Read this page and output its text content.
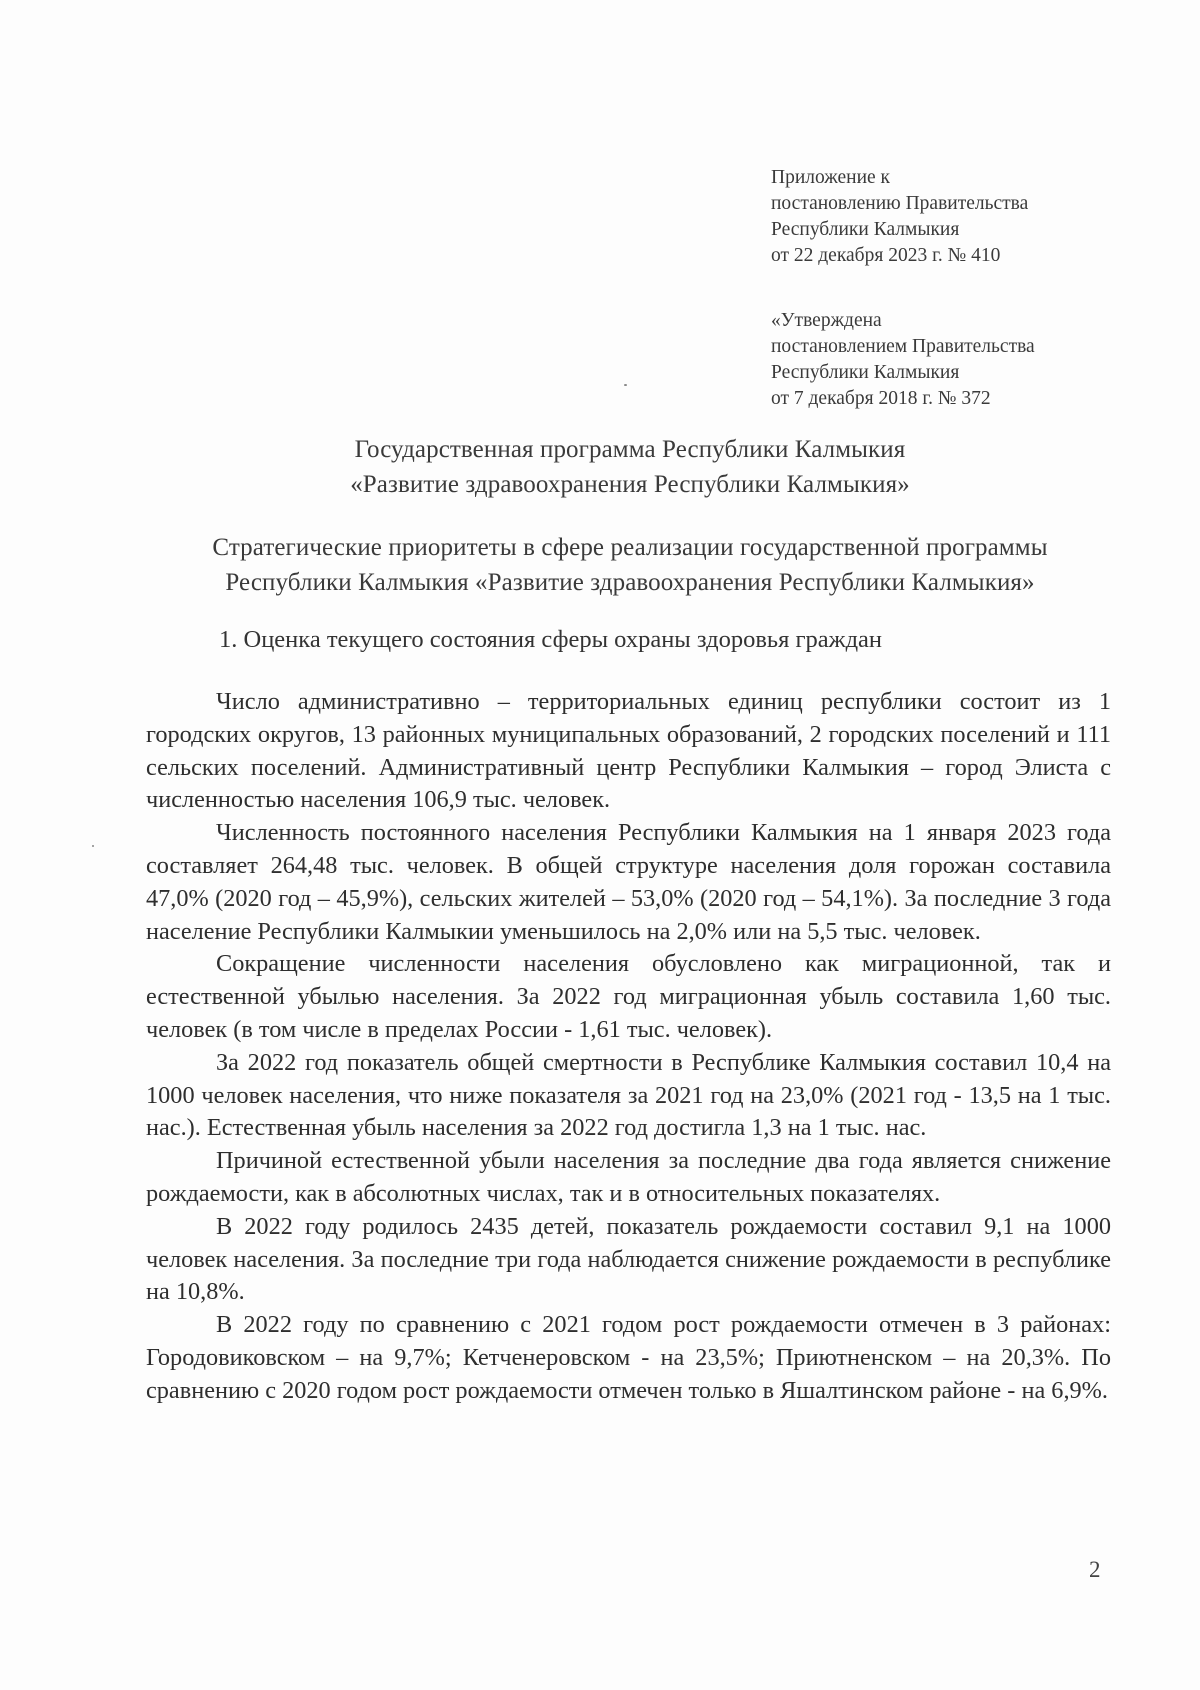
Приложение к
постановлению Правительства
Республики Калмыкия
от 22 декабря 2023 г. № 410
«Утверждена
постановлением Правительства
Республики Калмыкия
от 7 декабря 2018 г. № 372
Государственная программа Республики Калмыкия
«Развитие здравоохранения Республики Калмыкия»
Стратегические приоритеты в сфере реализации государственной программы
Республики Калмыкия «Развитие здравоохранения Республики Калмыкия»
1. Оценка текущего состояния сферы охраны здоровья граждан

Число административно – территориальных единиц республики состоит из 1 городских округов, 13 районных муниципальных образований, 2 городских поселений и 111 сельских поселений. Административный центр Республики Калмыкия – город Элиста с численностью населения 106,9 тыс. человек.

Численность постоянного населения Республики Калмыкия на 1 января 2023 года составляет 264,48 тыс. человек. В общей структуре населения доля горожан составила 47,0% (2020 год – 45,9%), сельских жителей – 53,0% (2020 год – 54,1%). За последние 3 года население Республики Калмыкии уменьшилось на 2,0% или на 5,5 тыс. человек.

Сокращение численности населения обусловлено как миграционной, так и естественной убылью населения. За 2022 год миграционная убыль составила 1,60 тыс. человек (в том числе в пределах России - 1,61 тыс. человек).

За 2022 год показатель общей смертности в Республике Калмыкия составил 10,4 на 1000 человек населения, что ниже показателя за 2021 год на 23,0% (2021 год - 13,5 на 1 тыс. нас.). Естественная убыль населения за 2022 год достигла 1,3 на 1 тыс. нас.

Причиной естественной убыли населения за последние два года является снижение рождаемости, как в абсолютных числах, так и в относительных показателях.

В 2022 году родилось 2435 детей, показатель рождаемости составил 9,1 на 1000 человек населения. За последние три года наблюдается снижение рождаемости в республике на 10,8%.

В 2022 году по сравнению с 2021 годом рост рождаемости отмечен в 3 районах: Городовиковском – на 9,7%; Кетченеровском - на 23,5%; Приютненском – на 20,3%. По сравнению с 2020 годом рост рождаемости отмечен только в Яшалтинском районе - на 6,9%.

2
